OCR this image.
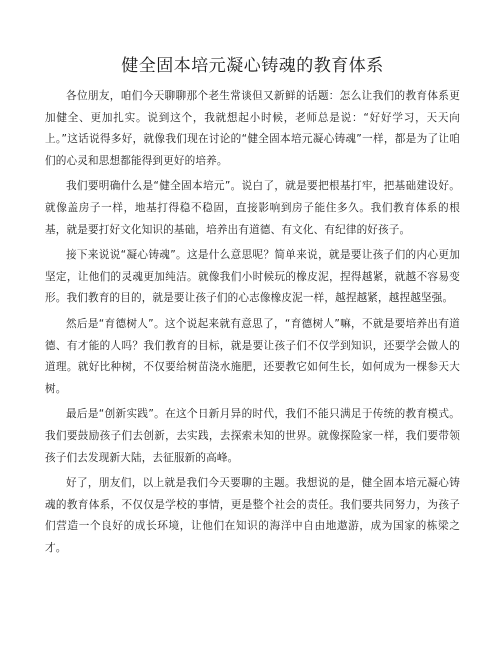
健全固本培元凝心铸魂的教育体系

各位朋友，咱们今天聊聊那个老生常谈但又新鲜的话题：怎么让我们的教育体系更加健全、更加扎实。说到这个，我就想起小时候，老师总是说：“好好学习，天天向上。”这话说得多好，就像我们现在讨论的“健全固本培元凝心铸魂”一样，都是为了让咱们的心灵和思想都能得到更好的培养。

我们要明确什么是“健全固本培元”。说白了，就是要把根基打牢，把基础建设好。就像盖房子一样，地基打得稳不稳固，直接影响到房子能住多久。我们教育体系的根基，就是要打好文化知识的基础，培养出有道德、有文化、有纪律的好孩子。

接下来说说“凝心铸魂”。这是什么意思呢？简单来说，就是要让孩子们的内心更加坚定，让他们的灵魂更加纯洁。就像我们小时候玩的橡皮泥，捏得越紧，就越不容易变形。我们教育的目的，就是要让孩子们的心志像橡皮泥一样，越捏越紧，越捏越坚强。

然后是“育德树人”。这个说起来就有意思了，“育德树人”嘛，不就是要培养出有道德、有才能的人吗？我们教育的目标，就是要让孩子们不仅学到知识，还要学会做人的道理。就好比种树，不仅要给树苗浇水施肥，还要教它如何生长，如何成为一棵参天大树。

最后是“创新实践”。在这个日新月异的时代，我们不能只满足于传统的教育模式。我们要鼓励孩子们去创新，去实践，去探索未知的世界。就像探险家一样，我们要带领孩子们去发现新大陆，去征服新的高峰。

好了，朋友们，以上就是我们今天要聊的主题。我想说的是，健全固本培元凝心铸魂的教育体系，不仅仅是学校的事情，更是整个社会的责任。我们要共同努力，为孩子们营造一个良好的成长环境，让他们在知识的海洋中自由地遨游，成为国家的栋梁之才。
